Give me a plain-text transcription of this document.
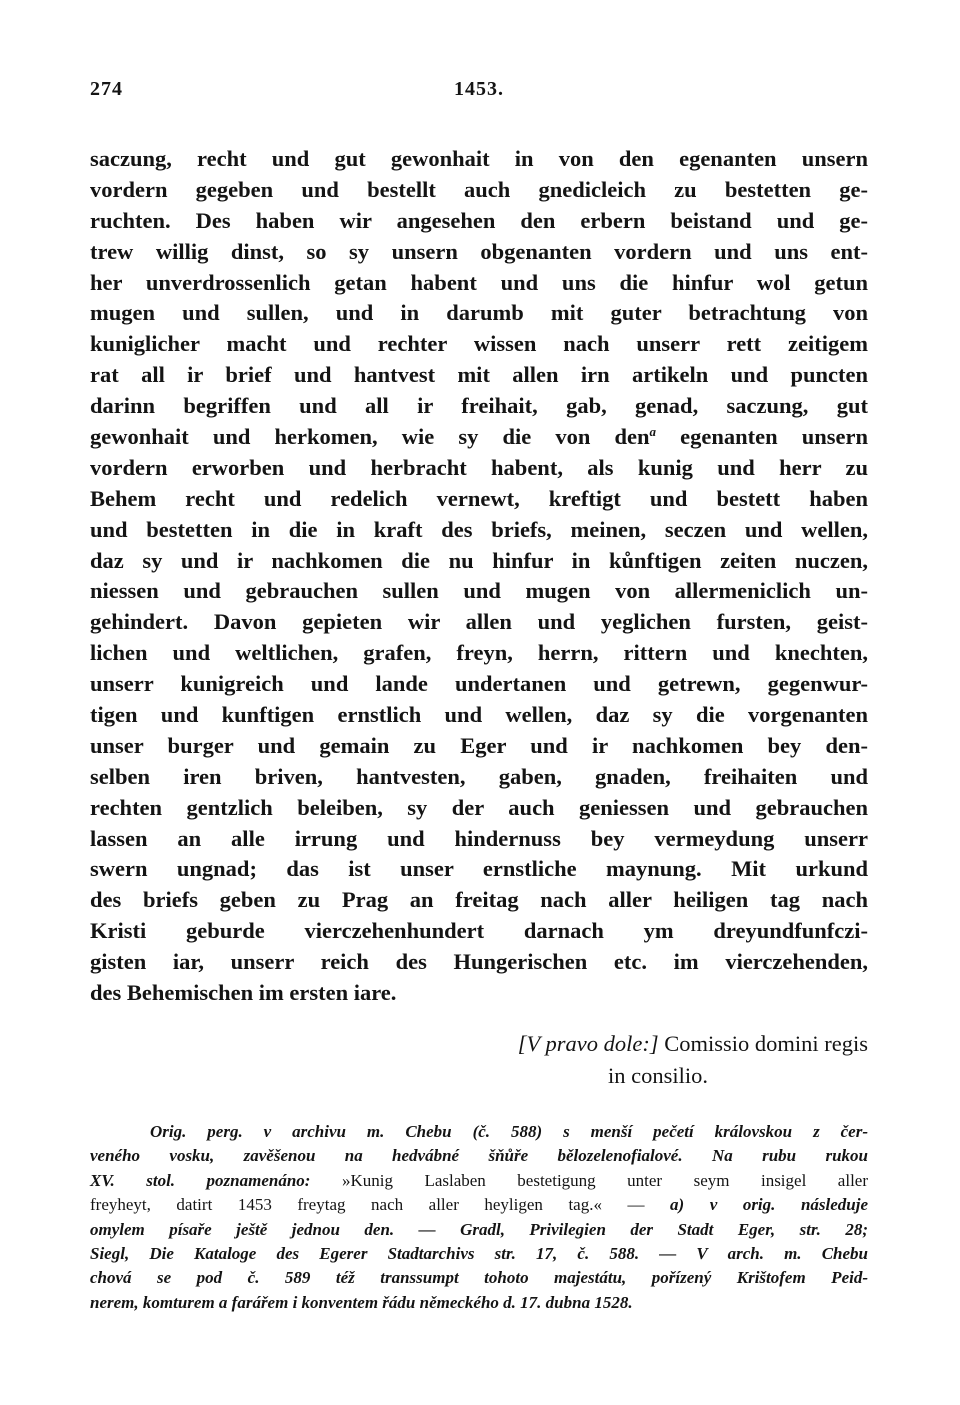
274	1453.
saczung, recht und gut gewonhait in von den egenanten unsern
vordern gegeben und bestellt auch gnedicleich zu bestetten ge-
ruchten. Des haben wir angesehen den erbern beistand und ge-
trew willig dinst, so sy unsern obgenanten vordern und uns ent-
her unverdrossenlich getan habent und uns die hinfur wol getun
mugen und sullen, und in darumb mit guter betrachtung von
kuniglicher macht und rechter wissen nach unserr rett zeitigem
rat all ir brief und hantvest mit allen irn artikeln und puncten
darinn begriffen und all ir freihait, gab, genad, saczung, gut
gewonhait und herkomen, wie sy die von den$^a$ egenanten unsern
vordern erworben und herbracht habent, als kunig und herr zu
Behem recht und redelich vernewt, kreftigt und bestett haben
und bestetten in die in kraft des briefs, meinen, seczen und wellen,
daz sy und ir nachkomen die nu hinfur in kůnftigen zeiten nuczen,
niessen und gebrauchen sullen und mugen von allermeniclich un-
gehindert. Davon gepieten wir allen und yeglichen fursten, geist-
lichen und weltlichen, grafen, freyn, herrn, rittern und knechten,
unserr kunigreich und lande undertanen und getrewn, gegenwur-
tigen und kunftigen ernstlich und wellen, daz sy die vorgenanten
unser burger und gemain zu Eger und ir nachkomen bey den-
selben iren briven, hantvesten, gaben, gnaden, freihaiten und
rechten gentzlich beleiben, sy der auch geniessen und gebrauchen
lassen an alle irrung und hindernuss bey vermeydung unserr
swern ungnad; das ist unser ernstliche maynung. Mit urkund
des briefs geben zu Prag an freitag nach aller heiligen tag nach
Kristi geburde vierczehenhundert darnach ym dreyundfunfczi-
gisten iar, unserr reich des Hungerischen etc. im vierczehenden,
des Behemischen im ersten iare.
[V pravo dole:] Comissio domini regis
in consilio.
Orig. perg. v archivu m. Chebu (č. 588) s menší pečetí královskou z čer-
veného vosku, zavěšenou na hedvábné šňůře bělozelenofialové. Na rubu rukou
XV. stol. poznamenáno: »Kunig Laslaben bestetigung unter seym insigel aller
freyheyt, datirt 1453 freytag nach aller heyligen tag.« — a) v orig. následuje
omylem písaře ještě jednou den. — Gradl, Privilegien der Stadt Eger, str. 28;
Siegl, Die Kataloge des Egerer Stadtarchivs str. 17, č. 588. — V arch. m. Chebu
chová se pod č. 589 též transsumpt tohoto majestátu, pořízený Krištofem Peid-
nerem, komturem a farářem i konventem řádu německého d. 17. dubna 1528.
